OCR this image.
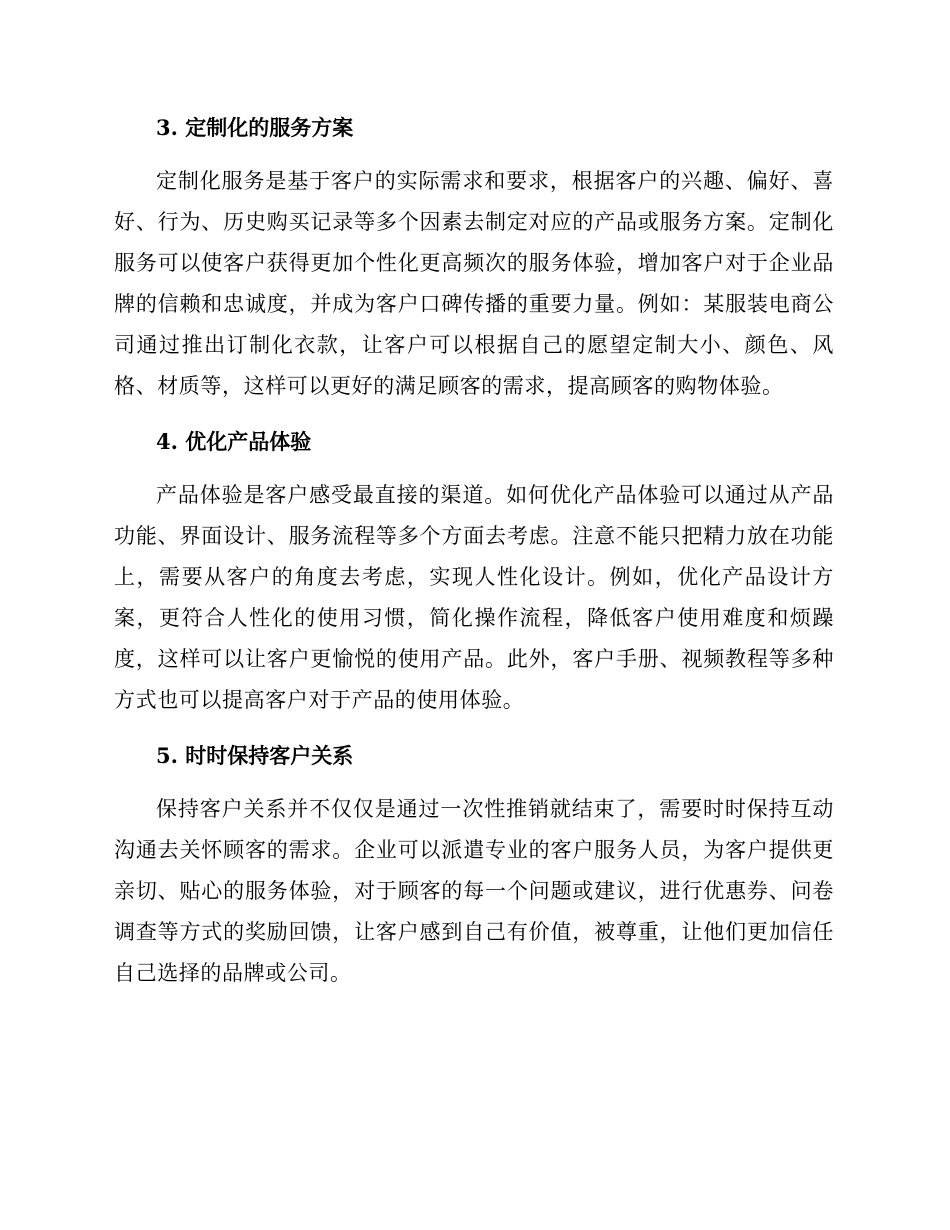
3. 定制化的服务方案

定制化服务是基于客户的实际需求和要求，根据客户的兴趣、偏好、喜好、行为、历史购买记录等多个因素去制定对应的产品或服务方案。定制化服务可以使客户获得更加个性化更高频次的服务体验，增加客户对于企业品牌的信赖和忠诚度，并成为客户口碑传播的重要力量。例如：某服装电商公司通过推出订制化衣款，让客户可以根据自己的愿望定制大小、颜色、风格、材质等，这样可以更好的满足顾客的需求，提高顾客的购物体验。

4. 优化产品体验

产品体验是客户感受最直接的渠道。如何优化产品体验可以通过从产品功能、界面设计、服务流程等多个方面去考虑。注意不能只把精力放在功能上，需要从客户的角度去考虑，实现人性化设计。例如，优化产品设计方案，更符合人性化的使用习惯，简化操作流程，降低客户使用难度和烦躁度，这样可以让客户更愉悦的使用产品。此外，客户手册、视频教程等多种方式也可以提高客户对于产品的使用体验。

5. 时时保持客户关系

保持客户关系并不仅仅是通过一次性推销就结束了，需要时时保持互动沟通去关怀顾客的需求。企业可以派遣专业的客户服务人员，为客户提供更亲切、贴心的服务体验，对于顾客的每一个问题或建议，进行优惠券、问卷调查等方式的奖励回馈，让客户感到自己有价值，被尊重，让他们更加信任自己选择的品牌或公司。
